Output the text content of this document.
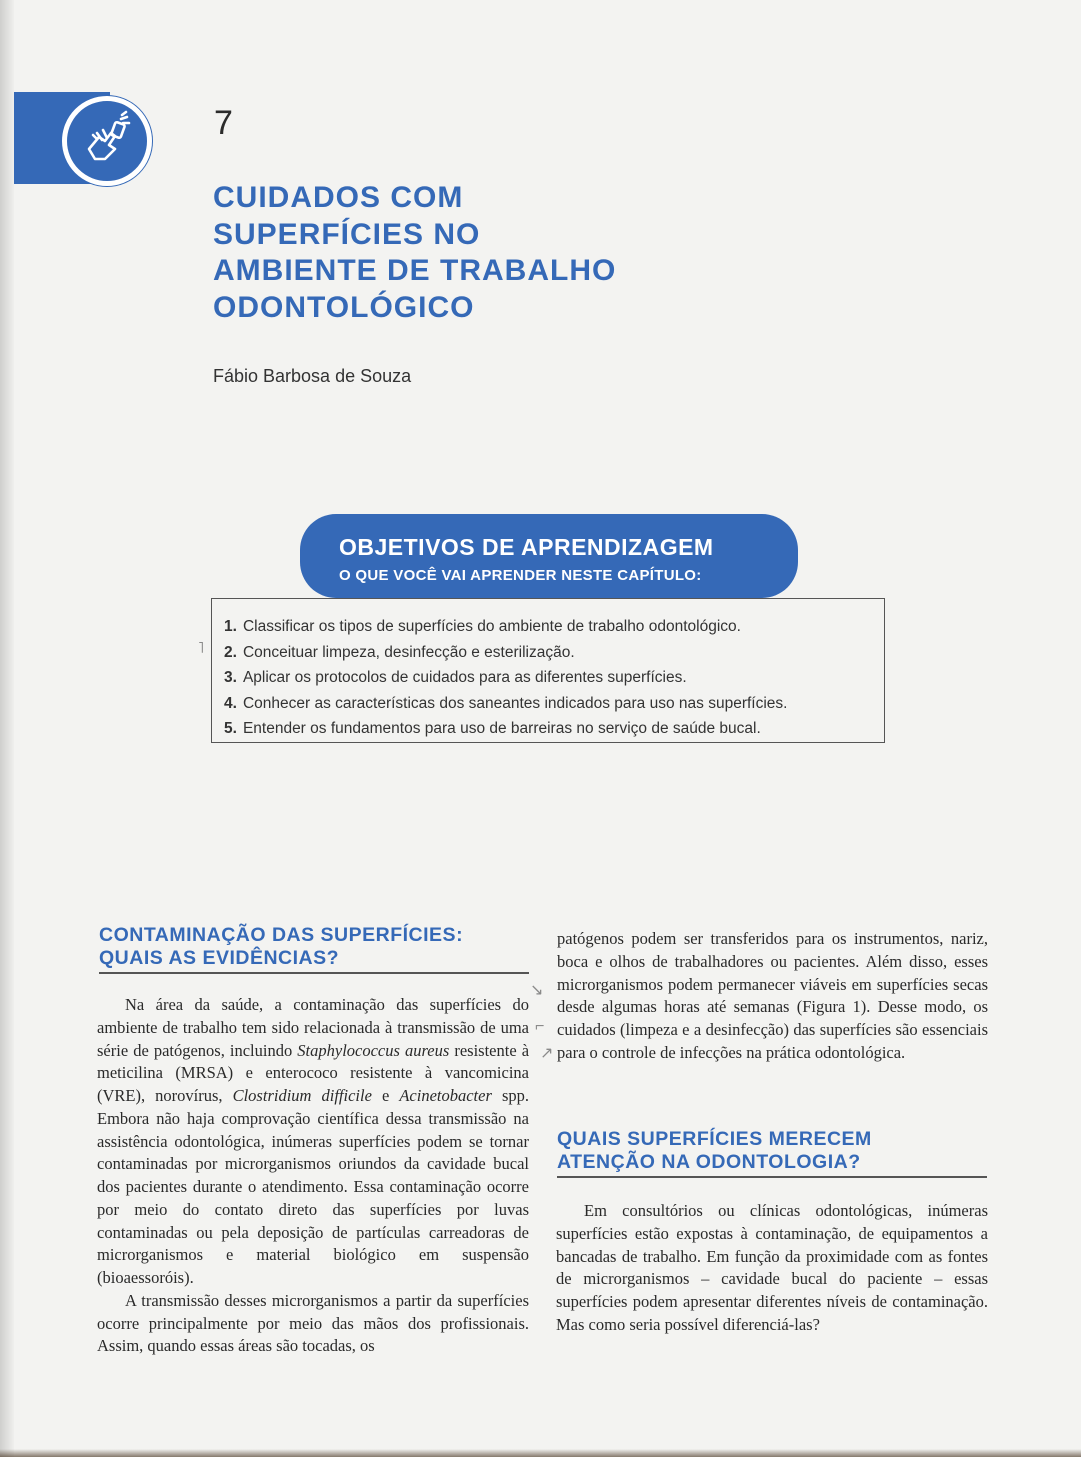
7
CUIDADOS COM
SUPERFÍCIES NO
AMBIENTE DE TRABALHO
ODONTOLÓGICO
Fábio Barbosa de Souza
OBJETIVOS DE APRENDIZAGEM
O QUE VOCÊ VAI APRENDER NESTE CAPÍTULO:
1. Classificar os tipos de superfícies do ambiente de trabalho odontológico.
2. Conceituar limpeza, desinfecção e esterilização.
3. Aplicar os protocolos de cuidados para as diferentes superfícies.
4. Conhecer as características dos saneantes indicados para uso nas superfícies.
5. Entender os fundamentos para uso de barreiras no serviço de saúde bucal.
˥
CONTAMINAÇÃO DAS SUPERFÍCIES:
QUAIS AS EVIDÊNCIAS?

Na área da saúde, a contaminação das superfícies do ambiente de trabalho tem sido relacionada à transmissão de uma série de patógenos, incluindo Staphylococcus aureus resistente à meticilina (MRSA) e enterococo resistente à vancomicina (VRE), norovírus, Clostridium difficile e Acinetobacter spp. Embora não haja comprovação científica dessa transmissão na assistência odontológica, inúmeras superfícies podem se tornar contaminadas por microrganismos oriundos da cavidade bucal dos pacientes durante o atendimento. Essa contaminação ocorre por meio do contato direto das superfícies por luvas contaminadas ou pela deposição de partículas carreadoras de microrganismos e material biológico em suspensão (bioaessoróis).

A transmissão desses microrganismos a partir da superfícies ocorre principalmente por meio das mãos dos profissionais. Assim, quando essas áreas são tocadas, os

patógenos podem ser transferidos para os instrumentos, nariz, boca e olhos de trabalhadores ou pacientes. Além disso, esses microrganismos podem permanecer viáveis em superfícies secas desde algumas horas até semanas (Figura 1). Desse modo, os cuidados (limpeza e a desinfecção) das superfícies são essenciais para o controle de infecções na prática odontológica.

↘
⌐
↗
QUAIS SUPERFÍCIES MERECEM
ATENÇÃO NA ODONTOLOGIA?

Em consultórios ou clínicas odontológicas, inúmeras superfícies estão expostas à contaminação, de equipamentos a bancadas de trabalho. Em função da proximidade com as fontes de microrganismos – cavidade bucal do paciente – essas superfícies podem apresentar diferentes níveis de contaminação. Mas como seria possível diferenciá-las?
